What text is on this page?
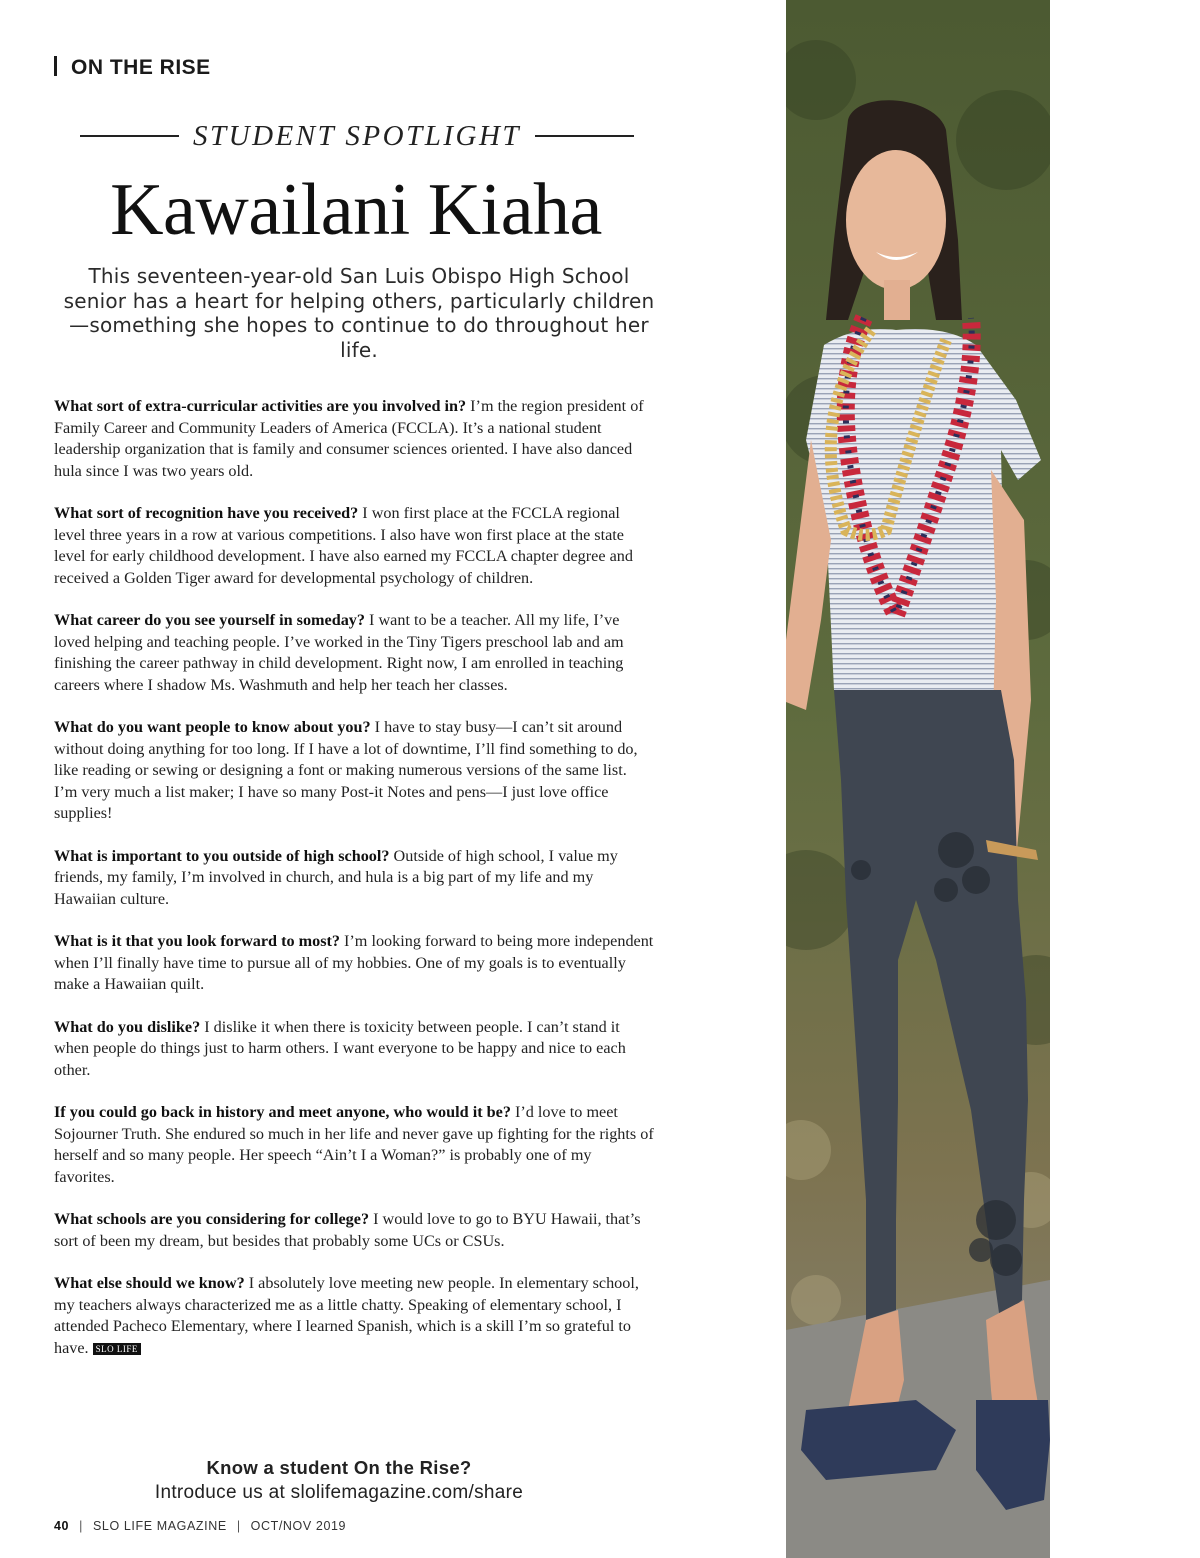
ON THE RISE
STUDENT SPOTLIGHT
Kawailani Kiaha
This seventeen-year-old San Luis Obispo High School senior has a heart for helping others, particularly children—something she hopes to continue to do throughout her life.

What sort of extra-curricular activities are you involved in? I’m the region president of Family Career and Community Leaders of America (FCCLA). It’s a national student leadership organization that is family and consumer sciences oriented. I have also danced hula since I was two years old.

What sort of recognition have you received? I won first place at the FCCLA regional level three years in a row at various competitions. I also have won first place at the state level for early childhood development. I have also earned my FCCLA chapter degree and received a Golden Tiger award for developmental psychology of children.

What career do you see yourself in someday? I want to be a teacher. All my life, I’ve loved helping and teaching people. I’ve worked in the Tiny Tigers preschool lab and am finishing the career pathway in child development. Right now, I am enrolled in teaching careers where I shadow Ms. Washmuth and help her teach her classes.

What do you want people to know about you? I have to stay busy—I can’t sit around without doing anything for too long. If I have a lot of downtime, I’ll find something to do, like reading or sewing or designing a font or making numerous versions of the same list. I’m very much a list maker; I have so many Post-it Notes and pens—I just love office supplies!

What is important to you outside of high school? Outside of high school, I value my friends, my family, I’m involved in church, and hula is a big part of my life and my Hawaiian culture.

What is it that you look forward to most? I’m looking forward to being more independent when I’ll finally have time to pursue all of my hobbies. One of my goals is to eventually make a Hawaiian quilt.

What do you dislike? I dislike it when there is toxicity between people. I can’t stand it when people do things just to harm others. I want everyone to be happy and nice to each other.

If you could go back in history and meet anyone, who would it be? I’d love to meet Sojourner Truth. She endured so much in her life and never gave up fighting for the rights of herself and so many people. Her speech “Ain’t I a Woman?” is probably one of my favorites.

What schools are you considering for college? I would love to go to BYU Hawaii, that’s sort of been my dream, but besides that probably some UCs or CSUs.

What else should we know? I absolutely love meeting new people. In elementary school, my teachers always characterized me as a little chatty. Speaking of elementary school, I attended Pacheco Elementary, where I learned Spanish, which is a skill I’m so grateful to have. SLO LIFE

Know a student On the Rise?
Introduce us at slolifemagazine.com/share
40 | SLO LIFE MAGAZINE | OCT/NOV 2019
